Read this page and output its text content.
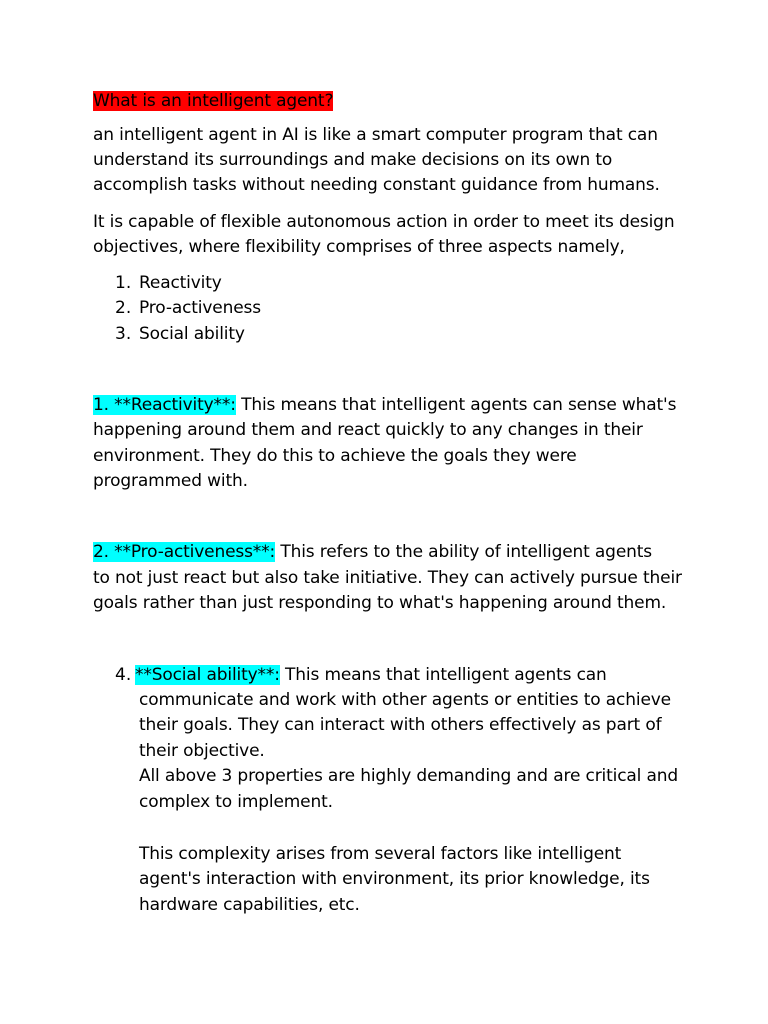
What is an intelligent agent?
an intelligent agent in AI is like a smart computer program that can
understand its surroundings and make decisions on its own to
accomplish tasks without needing constant guidance from humans.
It is capable of flexible autonomous action in order to meet its design
objectives, where flexibility comprises of three aspects namely,
1. Reactivity
2. Pro-activeness
3. Social ability
1. **Reactivity**: This means that intelligent agents can sense what's
happening around them and react quickly to any changes in their
environment. They do this to achieve the goals they were
programmed with.
2. **Pro-activeness**: This refers to the ability of intelligent agents
to not just react but also take initiative. They can actively pursue their
goals rather than just responding to what's happening around them.
4. **Social ability**: This means that intelligent agents can
communicate and work with other agents or entities to achieve
their goals. They can interact with others effectively as part of
their objective.
All above 3 properties are highly demanding and are critical and
complex to implement.
This complexity arises from several factors like intelligent
agent's interaction with environment, its prior knowledge, its
hardware capabilities, etc.
